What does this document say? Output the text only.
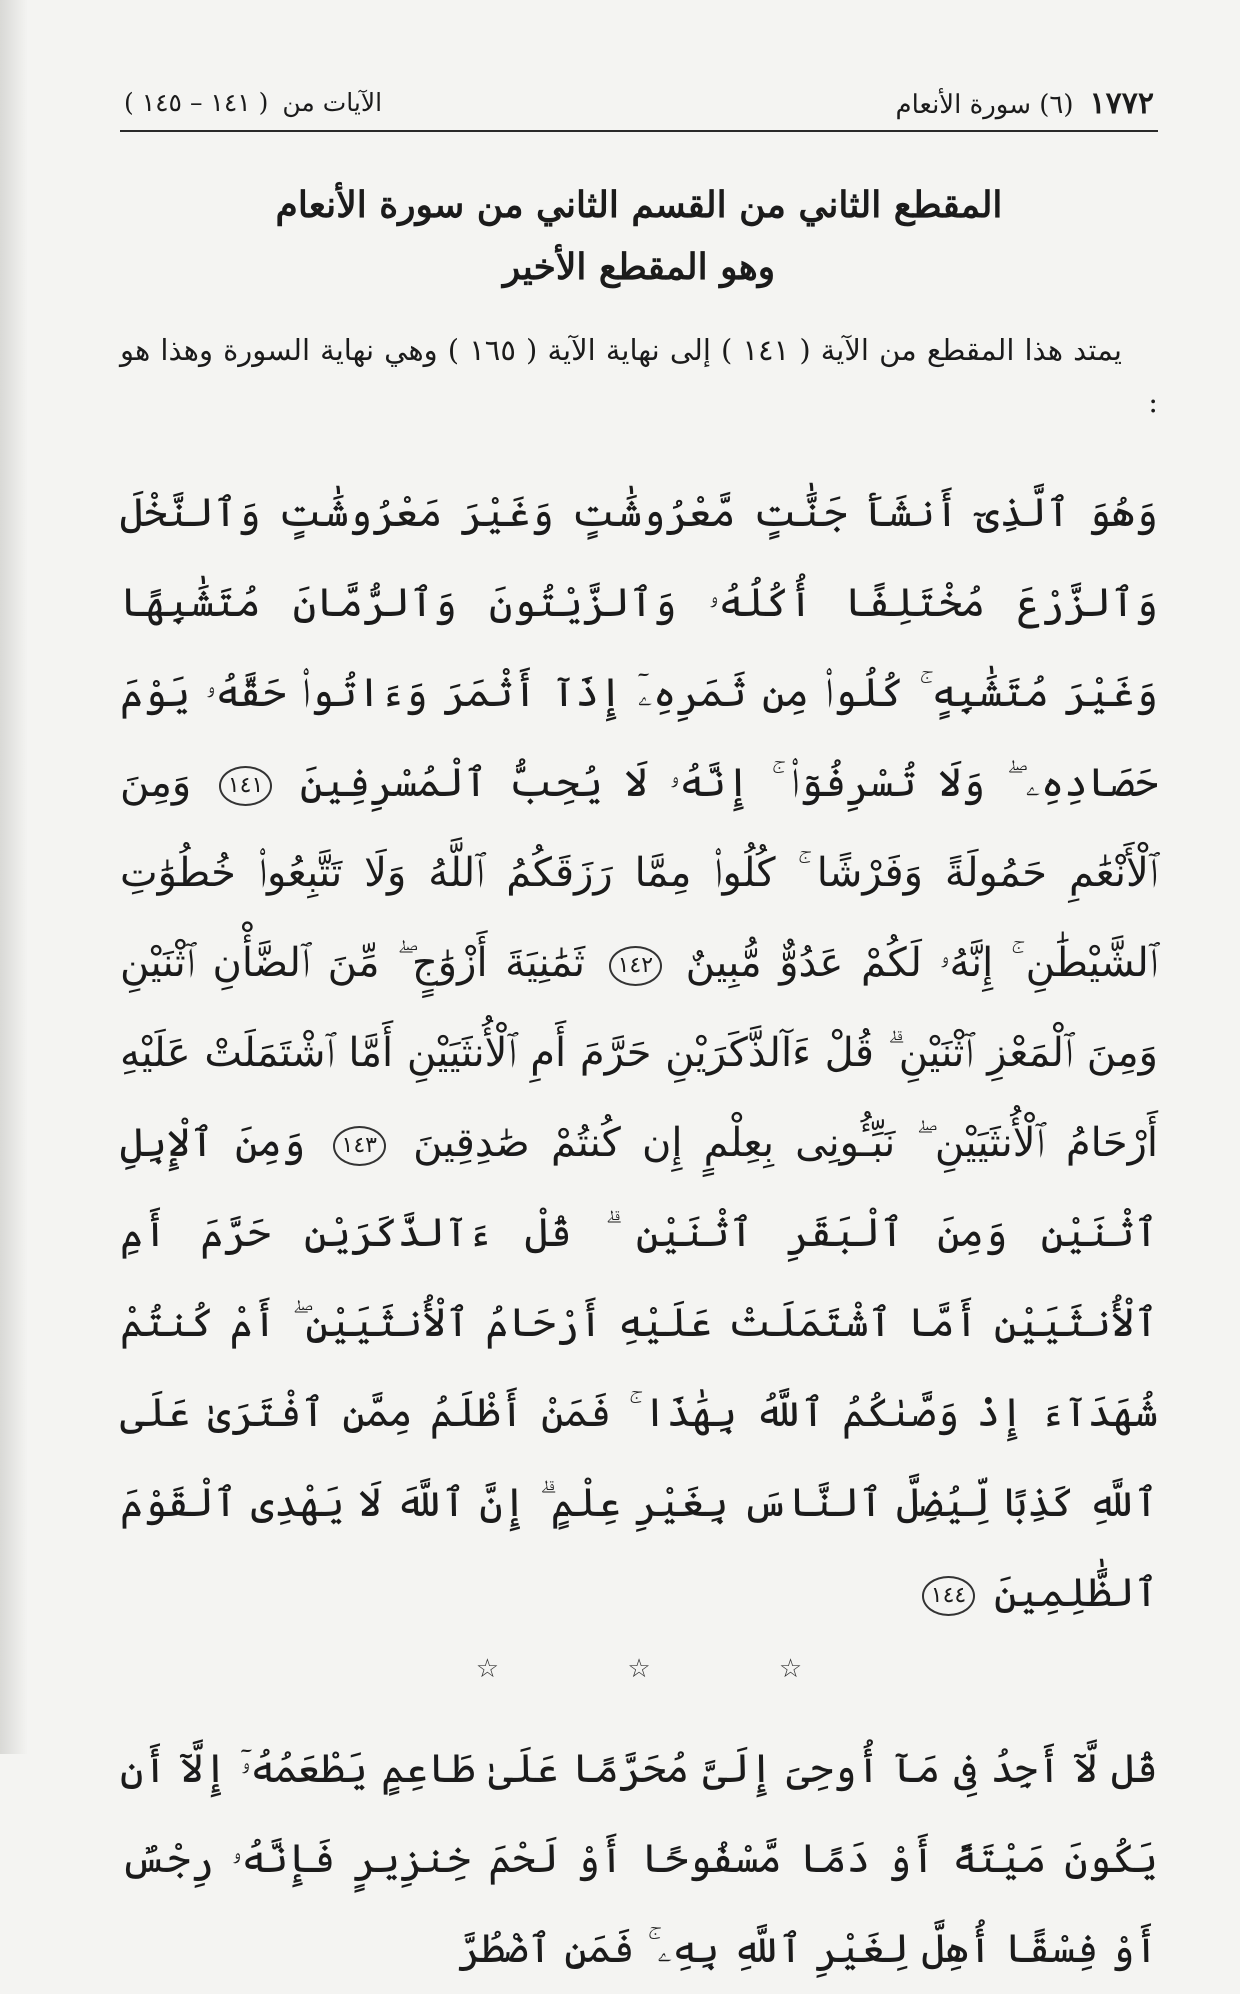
١٧٧٢
(٦) سورة الأنعام
الآيات من
( ١٤١ – ١٤٥ )
المقطع الثاني من القسم الثاني من سورة الأنعام
وهو المقطع الأخير

يمتد هذا المقطع من الآية ( ١٤١ ) إلى نهاية الآية ( ١٦٥ ) وهي نهاية السورة وهذا هو :

وَهُوَ ٱلَّذِىٓ أَنشَأَ جَنَّٰتٍ مَّعْرُوشَٰتٍ وَغَيْرَ مَعْرُوشَٰتٍ وَٱلنَّخْلَ وَٱلزَّرْعَ مُخْتَلِفًا أُكُلُهُۥ وَٱلزَّيْتُونَ وَٱلرُّمَّانَ مُتَشَٰبِهًا وَغَيْرَ مُتَشَٰبِهٍ ۚ كُلُوا۟ مِن ثَمَرِهِۦٓ إِذَآ أَثْمَرَ وَءَاتُوا۟ حَقَّهُۥ يَوْمَ حَصَادِهِۦ ۖ وَلَا تُسْرِفُوٓا۟ ۚ إِنَّهُۥ لَا يُحِبُّ ٱلْمُسْرِفِينَ ١٤١ وَمِنَ ٱلْأَنْعَٰمِ حَمُولَةً وَفَرْشًا ۚ كُلُوا۟ مِمَّا رَزَقَكُمُ ٱللَّهُ وَلَا تَتَّبِعُوا۟ خُطُوَٰتِ ٱلشَّيْطَٰنِ ۚ إِنَّهُۥ لَكُمْ عَدُوٌّ مُّبِينٌ ١٤٢ ثَمَٰنِيَةَ أَزْوَٰجٍ ۖ مِّنَ ٱلضَّأْنِ ٱثْنَيْنِ وَمِنَ ٱلْمَعْزِ ٱثْنَيْنِ ۗ قُلْ ءَآلذَّكَرَيْنِ حَرَّمَ أَمِ ٱلْأُنثَيَيْنِ أَمَّا ٱشْتَمَلَتْ عَلَيْهِ أَرْحَامُ ٱلْأُنثَيَيْنِ ۖ نَبِّـُٔونِى بِعِلْمٍ إِن كُنتُمْ صَٰدِقِينَ ١٤٣ وَمِنَ ٱلْإِبِلِ ٱثْنَيْنِ وَمِنَ ٱلْبَقَرِ ٱثْنَيْنِ ۗ قُلْ ءَآلذَّكَرَيْنِ حَرَّمَ أَمِ ٱلْأُنثَيَيْنِ أَمَّا ٱشْتَمَلَتْ عَلَيْهِ أَرْحَامُ ٱلْأُنثَيَيْنِ ۖ أَمْ كُنتُمْ شُهَدَآءَ إِذْ وَصَّىٰكُمُ ٱللَّهُ بِهَٰذَا ۚ فَمَنْ أَظْلَمُ مِمَّنِ ٱفْتَرَىٰ عَلَى ٱللَّهِ كَذِبًا لِّيُضِلَّ ٱلنَّاسَ بِغَيْرِ عِلْمٍ ۗ إِنَّ ٱللَّهَ لَا يَهْدِى ٱلْقَوْمَ ٱلظَّٰلِمِينَ ١٤٤
☆ ☆ ☆
قُل لَّآ أَجِدُ فِى مَآ أُوحِىَ إِلَىَّ مُحَرَّمًا عَلَىٰ طَاعِمٍ يَطْعَمُهُۥٓ إِلَّآ أَن يَكُونَ مَيْتَةً أَوْ دَمًا مَّسْفُوحًا أَوْ لَحْمَ خِنزِيرٍ فَإِنَّهُۥ رِجْسٌ أَوْ فِسْقًا أُهِلَّ لِغَيْرِ ٱللَّهِ بِهِۦ ۚ فَمَنِ ٱضْطُرَّ
